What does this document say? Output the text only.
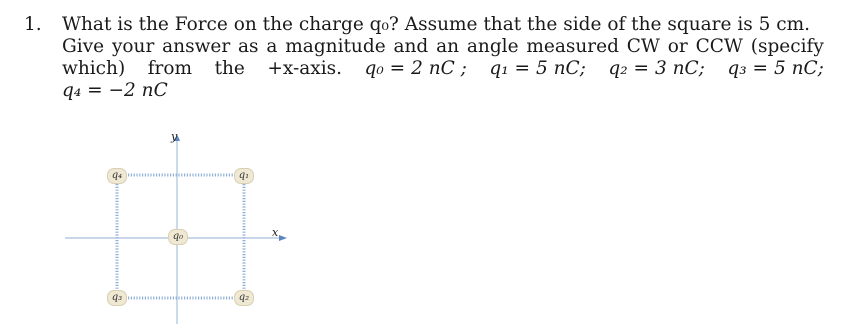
1. What is the Force on the charge q₀? Assume that the side of the square is 5 cm.
Give your answer as a magnitude and an angle measured CW or CCW (specify
which) from the +x-axis. q₀ = 2 nC ; q₁ = 5 nC; q₂ = 3 nC; q₃ = 5 nC;
q₄ = −2 nC
y
x
q₄	q₁
q₀
q₃	q₂
